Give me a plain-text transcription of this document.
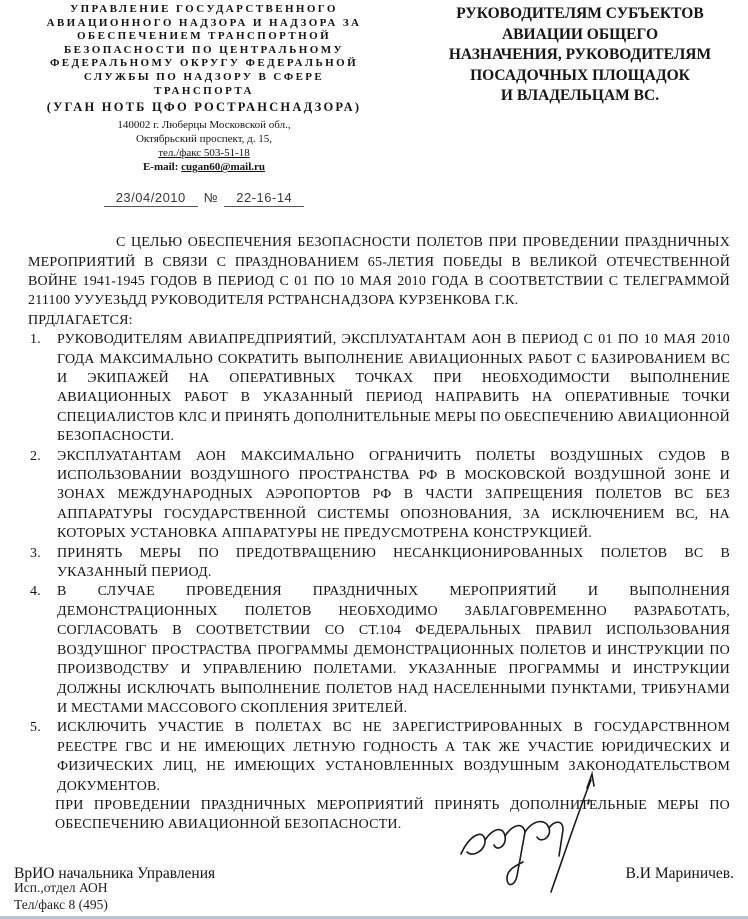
УПРАВЛЕНИЕ ГОСУДАРСТВЕННОГО
АВИАЦИОННОГО НАДЗОРА И НАДЗОРА ЗА
ОБЕСПЕЧЕНИЕМ ТРАНСПОРТНОЙ
БЕЗОПАСНОСТИ ПО ЦЕНТРАЛЬНОМУ
ФЕДЕРАЛЬНОМУ ОКРУГУ ФЕДЕРАЛЬНОЙ
СЛУЖБЫ ПО НАДЗОРУ В СФЕРЕ
ТРАНСПОРТА
(УГАН НОТБ ЦФО РОСТРАНСНАДЗОРА)
140002 г. Люберцы Московской обл.,
Октябрьский проспект, д. 15,
тел./факс 503-51-18
E-mail: cugan60@mail.ru
23/04/2010 № 22-16-14
РУКОВОДИТЕЛЯМ СУБЪЕКТОВ
АВИАЦИИ ОБЩЕГО
НАЗНАЧЕНИЯ, РУКОВОДИТЕЛЯМ
ПОСАДОЧНЫХ ПЛОЩАДОК
И ВЛАДЕЛЬЦАМ ВС.

С ЦЕЛЬЮ ОБЕСПЕЧЕНИЯ БЕЗОПАСНОСТИ ПОЛЕТОВ ПРИ ПРОВЕДЕНИИ ПРАЗДНИЧНЫХ МЕРОПРИЯТИЙ В СВЯЗИ С ПРАЗДНОВАНИЕМ 65-ЛЕТИЯ ПОБЕДЫ В ВЕЛИКОЙ ОТЕЧЕСТВЕННОЙ ВОЙНЕ 1941-1945 ГОДОВ В ПЕРИОД С 01 ПО 10 МАЯ 2010 ГОДА В СООТВЕТСТВИИ С ТЕЛЕГРАММОЙ 211100 УУУЕЗЬДД РУКОВОДИТЕЛЯ РСТРАНСНАДЗОРА КУРЗЕНКОВА Г.К.

ПРДЛАГАЕТСЯ:

1.	РУКОВОДИТЕЛЯМ АВИАПРЕДПРИЯТИЙ, ЭКСПЛУАТАНТАМ АОН В ПЕРИОД С 01 ПО 10 МАЯ 2010 ГОДА МАКСИМАЛЬНО СОКРАТИТЬ ВЫПОЛНЕНИЕ АВИАЦИОННЫХ РАБОТ С БАЗИРОВАНИЕМ ВС И ЭКИПАЖЕЙ НА ОПЕРАТИВНЫХ ТОЧКАХ ПРИ НЕОБХОДИМОСТИ ВЫПОЛНЕНИЕ АВИАЦИОННЫХ РАБОТ В УКАЗАННЫЙ ПЕРИОД НАПРАВИТЬ НА ОПЕРАТИВНЫЕ ТОЧКИ СПЕЦИАЛИСТОВ КЛС И ПРИНЯТЬ ДОПОЛНИТЕЛЬНЫЕ МЕРЫ ПО ОБЕСПЕЧЕНИЮ АВИАЦИОННОЙ БЕЗОПАСНОСТИ.
2.	ЭКСПЛУАТАНТАМ АОН МАКСИМАЛЬНО ОГРАНИЧИТЬ ПОЛЕТЫ ВОЗДУШНЫХ СУДОВ В ИСПОЛЬЗОВАНИИ ВОЗДУШНОГО ПРОСТРАНСТВА РФ В МОСКОВСКОЙ ВОЗДУШНОЙ ЗОНЕ И ЗОНАХ МЕЖДУНАРОДНЫХ АЭРОПОРТОВ РФ В ЧАСТИ ЗАПРЕЩЕНИЯ ПОЛЕТОВ ВС БЕЗ АППАРАТУРЫ ГОСУДАРСТВЕННОЙ СИСТЕМЫ ОПОЗНОВАНИЯ, ЗА ИСКЛЮЧЕНИЕМ ВС, НА КОТОРЫХ УСТАНОВКА АППАРАТУРЫ НЕ ПРЕДУСМОТРЕНА КОНСТРУКЦИЕЙ.
3.	ПРИНЯТЬ МЕРЫ ПО ПРЕДОТВРАЩЕНИЮ НЕСАНКЦИОНИРОВАННЫХ ПОЛЕТОВ ВС В УКАЗАННЫЙ ПЕРИОД.
4.	В СЛУЧАЕ ПРОВЕДЕНИЯ ПРАЗДНИЧНЫХ МЕРОПРИЯТИЙ И ВЫПОЛНЕНИЯ ДЕМОНСТРАЦИОННЫХ ПОЛЕТОВ НЕОБХОДИМО ЗАБЛАГОВРЕМЕННО РАЗРАБОТАТЬ, СОГЛАСОВАТЬ В СООТВЕТСТВИИ СО СТ.104 ФЕДЕРАЛЬНЫХ ПРАВИЛ ИСПОЛЬЗОВАНИЯ ВОЗДУШНОГ ПРОСТРАСТВА ПРОГРАММЫ ДЕМОНСТРАЦИОННЫХ ПОЛЕТОВ И ИНСТРУКЦИИ ПО ПРОИЗВОДСТВУ И УПРАВЛЕНИЮ ПОЛЕТАМИ. УКАЗАННЫЕ ПРОГРАММЫ И ИНСТРУКЦИИ ДОЛЖНЫ ИСКЛЮЧАТЬ ВЫПОЛНЕНИЕ ПОЛЕТОВ НАД НАСЕЛЕННЫМИ ПУНКТАМИ, ТРИБУНАМИ И МЕСТАМИ МАССОВОГО СКОПЛЕНИЯ ЗРИТЕЛЕЙ.
5.	ИСКЛЮЧИТЬ УЧАСТИЕ В ПОЛЕТАХ ВС НЕ ЗАРЕГИСТРИРОВАННЫХ В ГОСУДАРСТВННОМ РЕЕСТРЕ ГВС И НЕ ИМЕЮЩИХ ЛЕТНУЮ ГОДНОСТЬ А ТАК ЖЕ УЧАСТИЕ ЮРИДИЧЕСКИХ И ФИЗИЧЕСКИХ ЛИЦ, НЕ ИМЕЮЩИХ УСТАНОВЛЕННЫХ ВОЗДУШНЫМ ЗАКОНОДАТЕЛЬСТВОМ ДОКУМЕНТОВ.

ПРИ ПРОВЕДЕНИИ ПРАЗДНИЧНЫХ МЕРОПРИЯТИЙ ПРИНЯТЬ ДОПОЛНИТЕЛЬНЫЕ МЕРЫ ПО ОБЕСПЕЧЕНИЮ АВИАЦИОННОЙ БЕЗОПАСНОСТИ.

ВрИО начальника Управления	В.И Мариничев.
Исп.,отдел АОН
Тел/факс 8 (495)
